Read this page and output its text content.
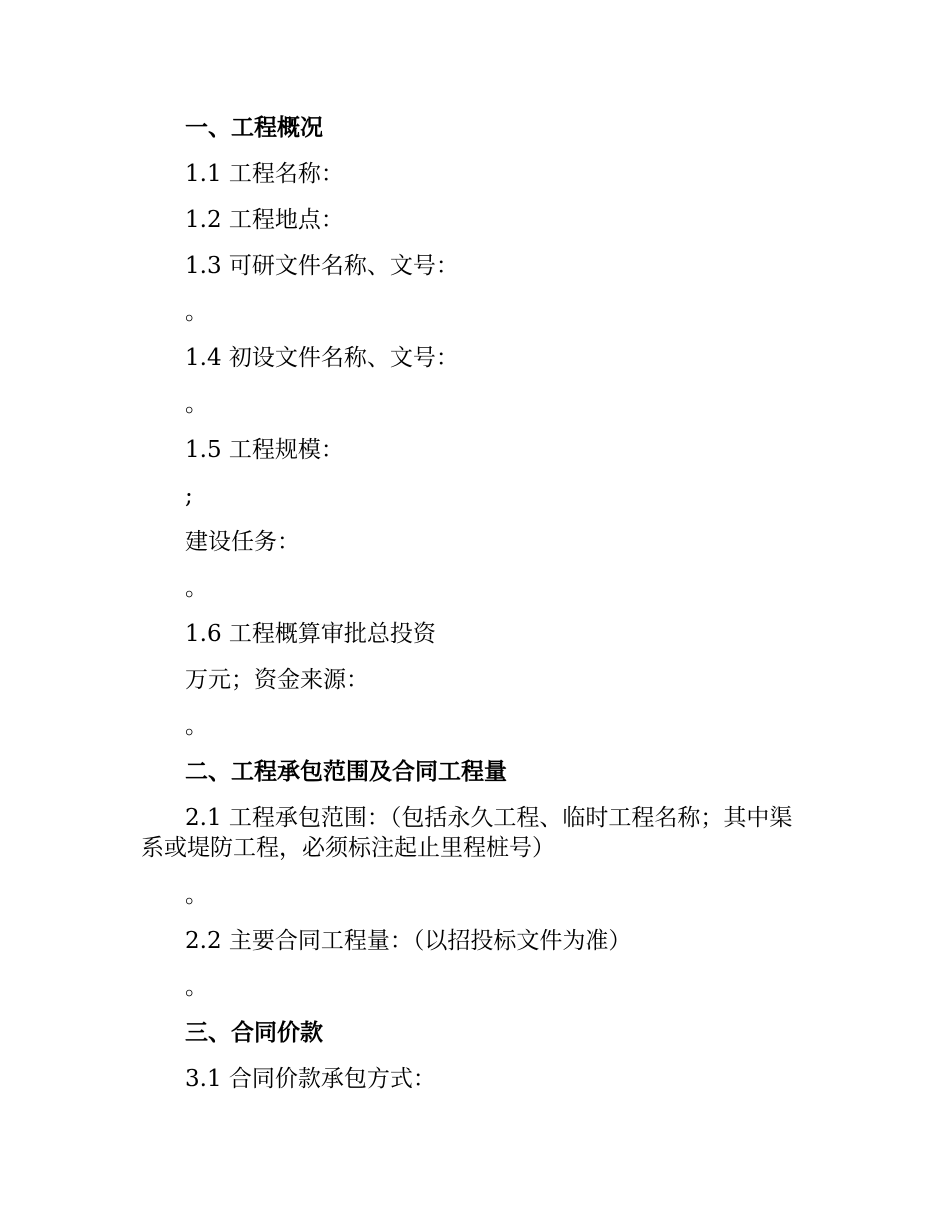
一、工程概况
1.1 工程名称：
1.2 工程地点：
1.3 可研文件名称、文号：
。
1.4 初设文件名称、文号：
。
1.5 工程规模：
;
建设任务：
。
1.6 工程概算审批总投资
万元；资金来源：
。
二、工程承包范围及合同工程量
2.1 工程承包范围：（包括永久工程、临时工程名称；其中渠系或堤防工程，必须标注起止里程桩号）
。
2.2 主要合同工程量：（以招投标文件为准）
。
三、合同价款
3.1 合同价款承包方式：
